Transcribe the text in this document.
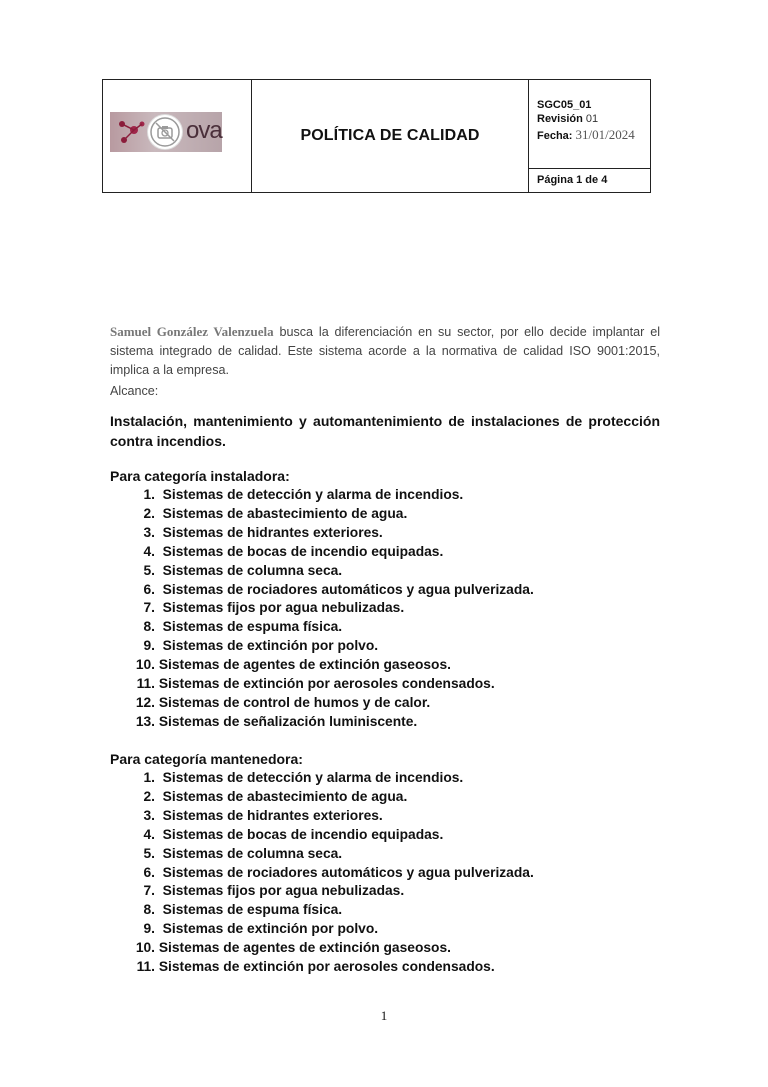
ova	POLÍTICA DE CALIDAD
SGC05_01
Revisión 01
Fecha: 31/01/2024
Página 1 de 4
Samuel González Valenzuela busca la diferenciación en su sector, por ello decide implantar el sistema integrado de calidad. Este sistema acorde a la normativa de calidad ISO 9001:2015, implica a la empresa.
Alcance:
Instalación, mantenimiento y automantenimiento de instalaciones de protección contra incendios.
Para categoría instaladora:
1. Sistemas de detección y alarma de incendios.
2. Sistemas de abastecimiento de agua.
3. Sistemas de hidrantes exteriores.
4. Sistemas de bocas de incendio equipadas.
5. Sistemas de columna seca.
6. Sistemas de rociadores automáticos y agua pulverizada.
7. Sistemas fijos por agua nebulizadas.
8. Sistemas de espuma física.
9. Sistemas de extinción por polvo.
10. Sistemas de agentes de extinción gaseosos.
11. Sistemas de extinción por aerosoles condensados.
12. Sistemas de control de humos y de calor.
13. Sistemas de señalización luminiscente.
Para categoría mantenedora:
1. Sistemas de detección y alarma de incendios.
2. Sistemas de abastecimiento de agua.
3. Sistemas de hidrantes exteriores.
4. Sistemas de bocas de incendio equipadas.
5. Sistemas de columna seca.
6. Sistemas de rociadores automáticos y agua pulverizada.
7. Sistemas fijos por agua nebulizadas.
8. Sistemas de espuma física.
9. Sistemas de extinción por polvo.
10. Sistemas de agentes de extinción gaseosos.
11. Sistemas de extinción por aerosoles condensados.
1
